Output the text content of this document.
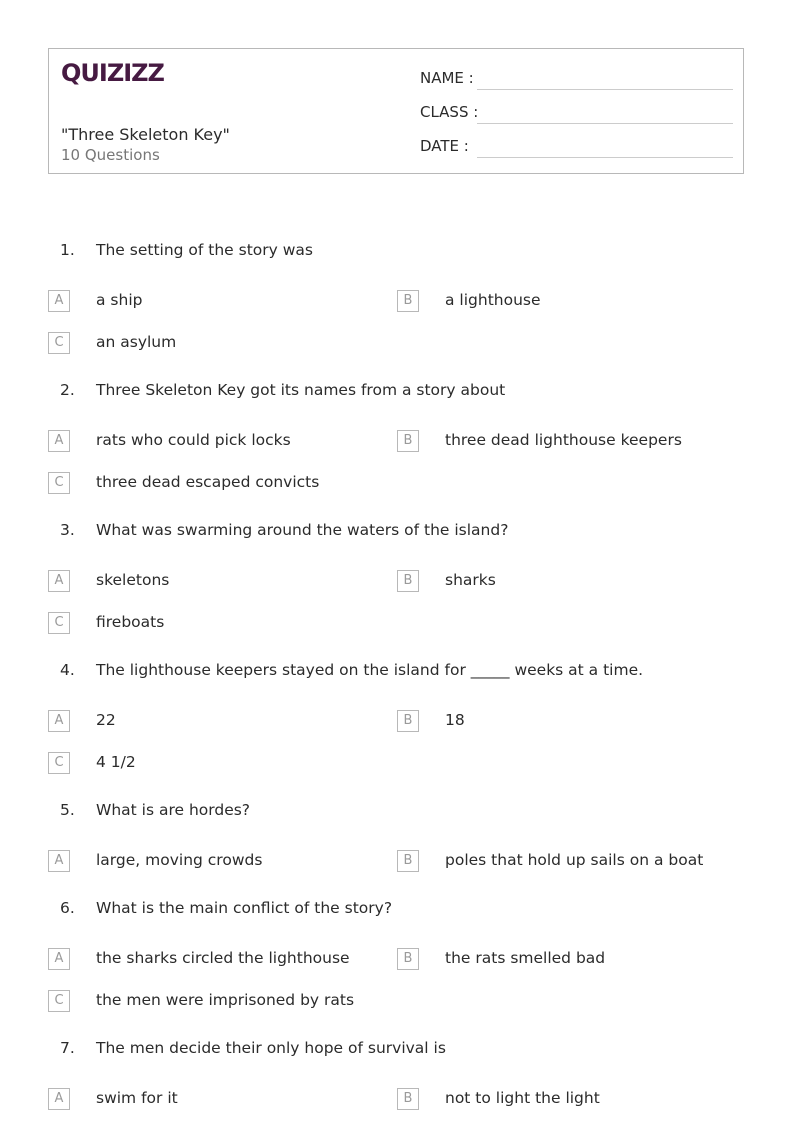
QUIZIZZ
"Three Skeleton Key"
10 Questions
NAME :
CLASS :
DATE :
1. The setting of the story was
A	a ship	B	a lighthouse
C	an asylum
2. Three Skeleton Key got its names from a story about
A	rats who could pick locks	B	three dead lighthouse keepers
C	three dead escaped convicts
3. What was swarming around the waters of the island?
A	skeletons	B	sharks
C	fireboats
4. The lighthouse keepers stayed on the island for _____ weeks at a time.
A	22	B	18
C	4 1/2
5. What is are hordes?
A	large, moving crowds	B	poles that hold up sails on a boat
6. What is the main conflict of the story?
A	the sharks circled the lighthouse	B	the rats smelled bad
C	the men were imprisoned by rats
7. The men decide their only hope of survival is
A	swim for it	B	not to light the light
